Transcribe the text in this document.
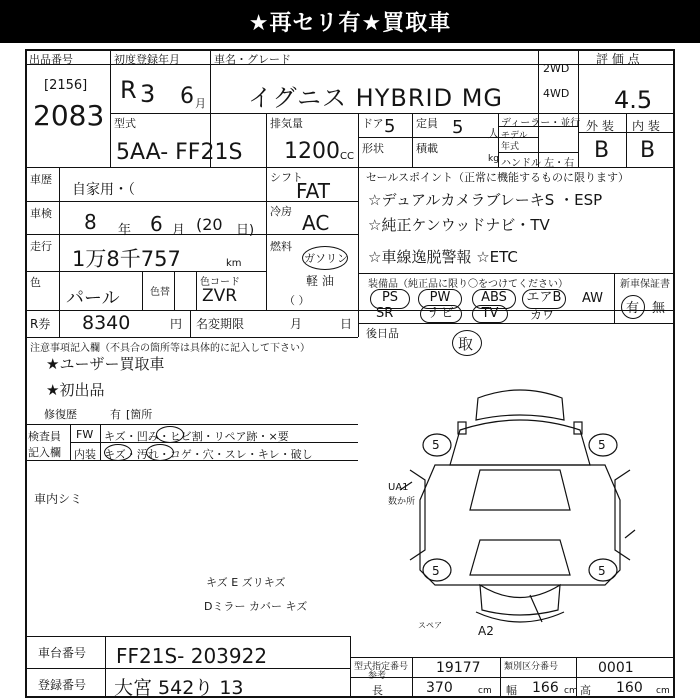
★再セリ有★買取車
出品番号
[2156]
2083
初度登録年月
R 3 6 月
車名・グレード
イグニス HYBRID MG
2WD
4WD
評 価 点
4.5
型式
5AA- FF21S
排気量
1200 CC
ドア 5 定員 5 人
形状	積載
kg
ディーラー・並行
モデル
年式
ハンドル 左・右
外 装 内 装
B B
車歴
自家用・（
シフト
FAT
車検 8 年 6 月 (20 日)
冷房 AC
走行
1万8千757	km
燃料
ガソリン
軽 油
（ ）
色
パール	色替
色コード
ZVR
セールスポイント（正常に機能するものに限ります）
☆デュアルカメラブレーキS ・ESP
☆純正ケンウッドナビ・TV
☆車線逸脱警報 ☆ETC
装備品（純正品に限り〇をつけてください）	新車保証書
有 無
PS	PW	ABS	エアB	AW
SR	ナビ	TV	カワ
R券 8340	円 名変期限	月	日
後日品
取
注意事項記入欄（不具合の箇所等は具体的に記入して下さい）
★ユーザー買取車
★初出品
修復歴	有 [箇所
検査員
記入欄
FW キズ・凹み・ヒビ割・リペア跡・×要
内装 キズ・汚れ・コゲ・穴・スレ・キレ・破し
車内シミ
5	5
5	5
UA1
数か所
A2
スペア
キズ E ズリキズ
Dミラー カバー キズ
車台番号 FF21S- 203922
登録番号 大宮 542り 13
型式指定番号
参考	19177	類別区分番号	0001
長	370	cm 幅 166 cm 高 160 cm
